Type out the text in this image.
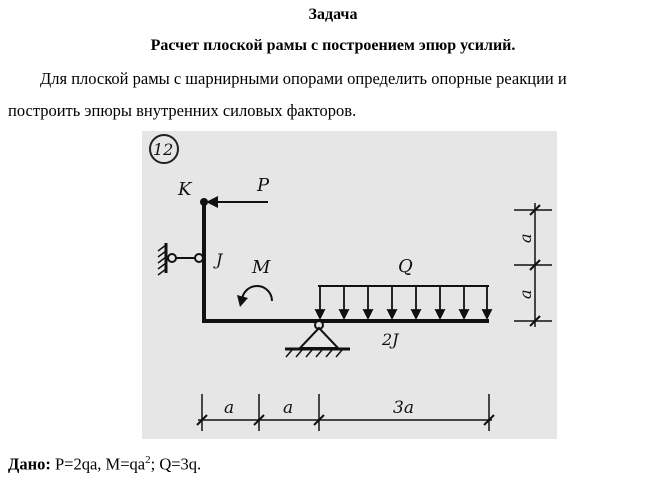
Задача
Расчет плоской рамы с построением эпюр усилий.
Для плоской рамы с шарнирными опорами определить опорные реакции и
построить эпюры внутренних силовых факторов.
12
K	P
J M	Q
2J
a
a
a	a	3a
Дано: P=2qa, $M=qa^2$; Q=3q.
